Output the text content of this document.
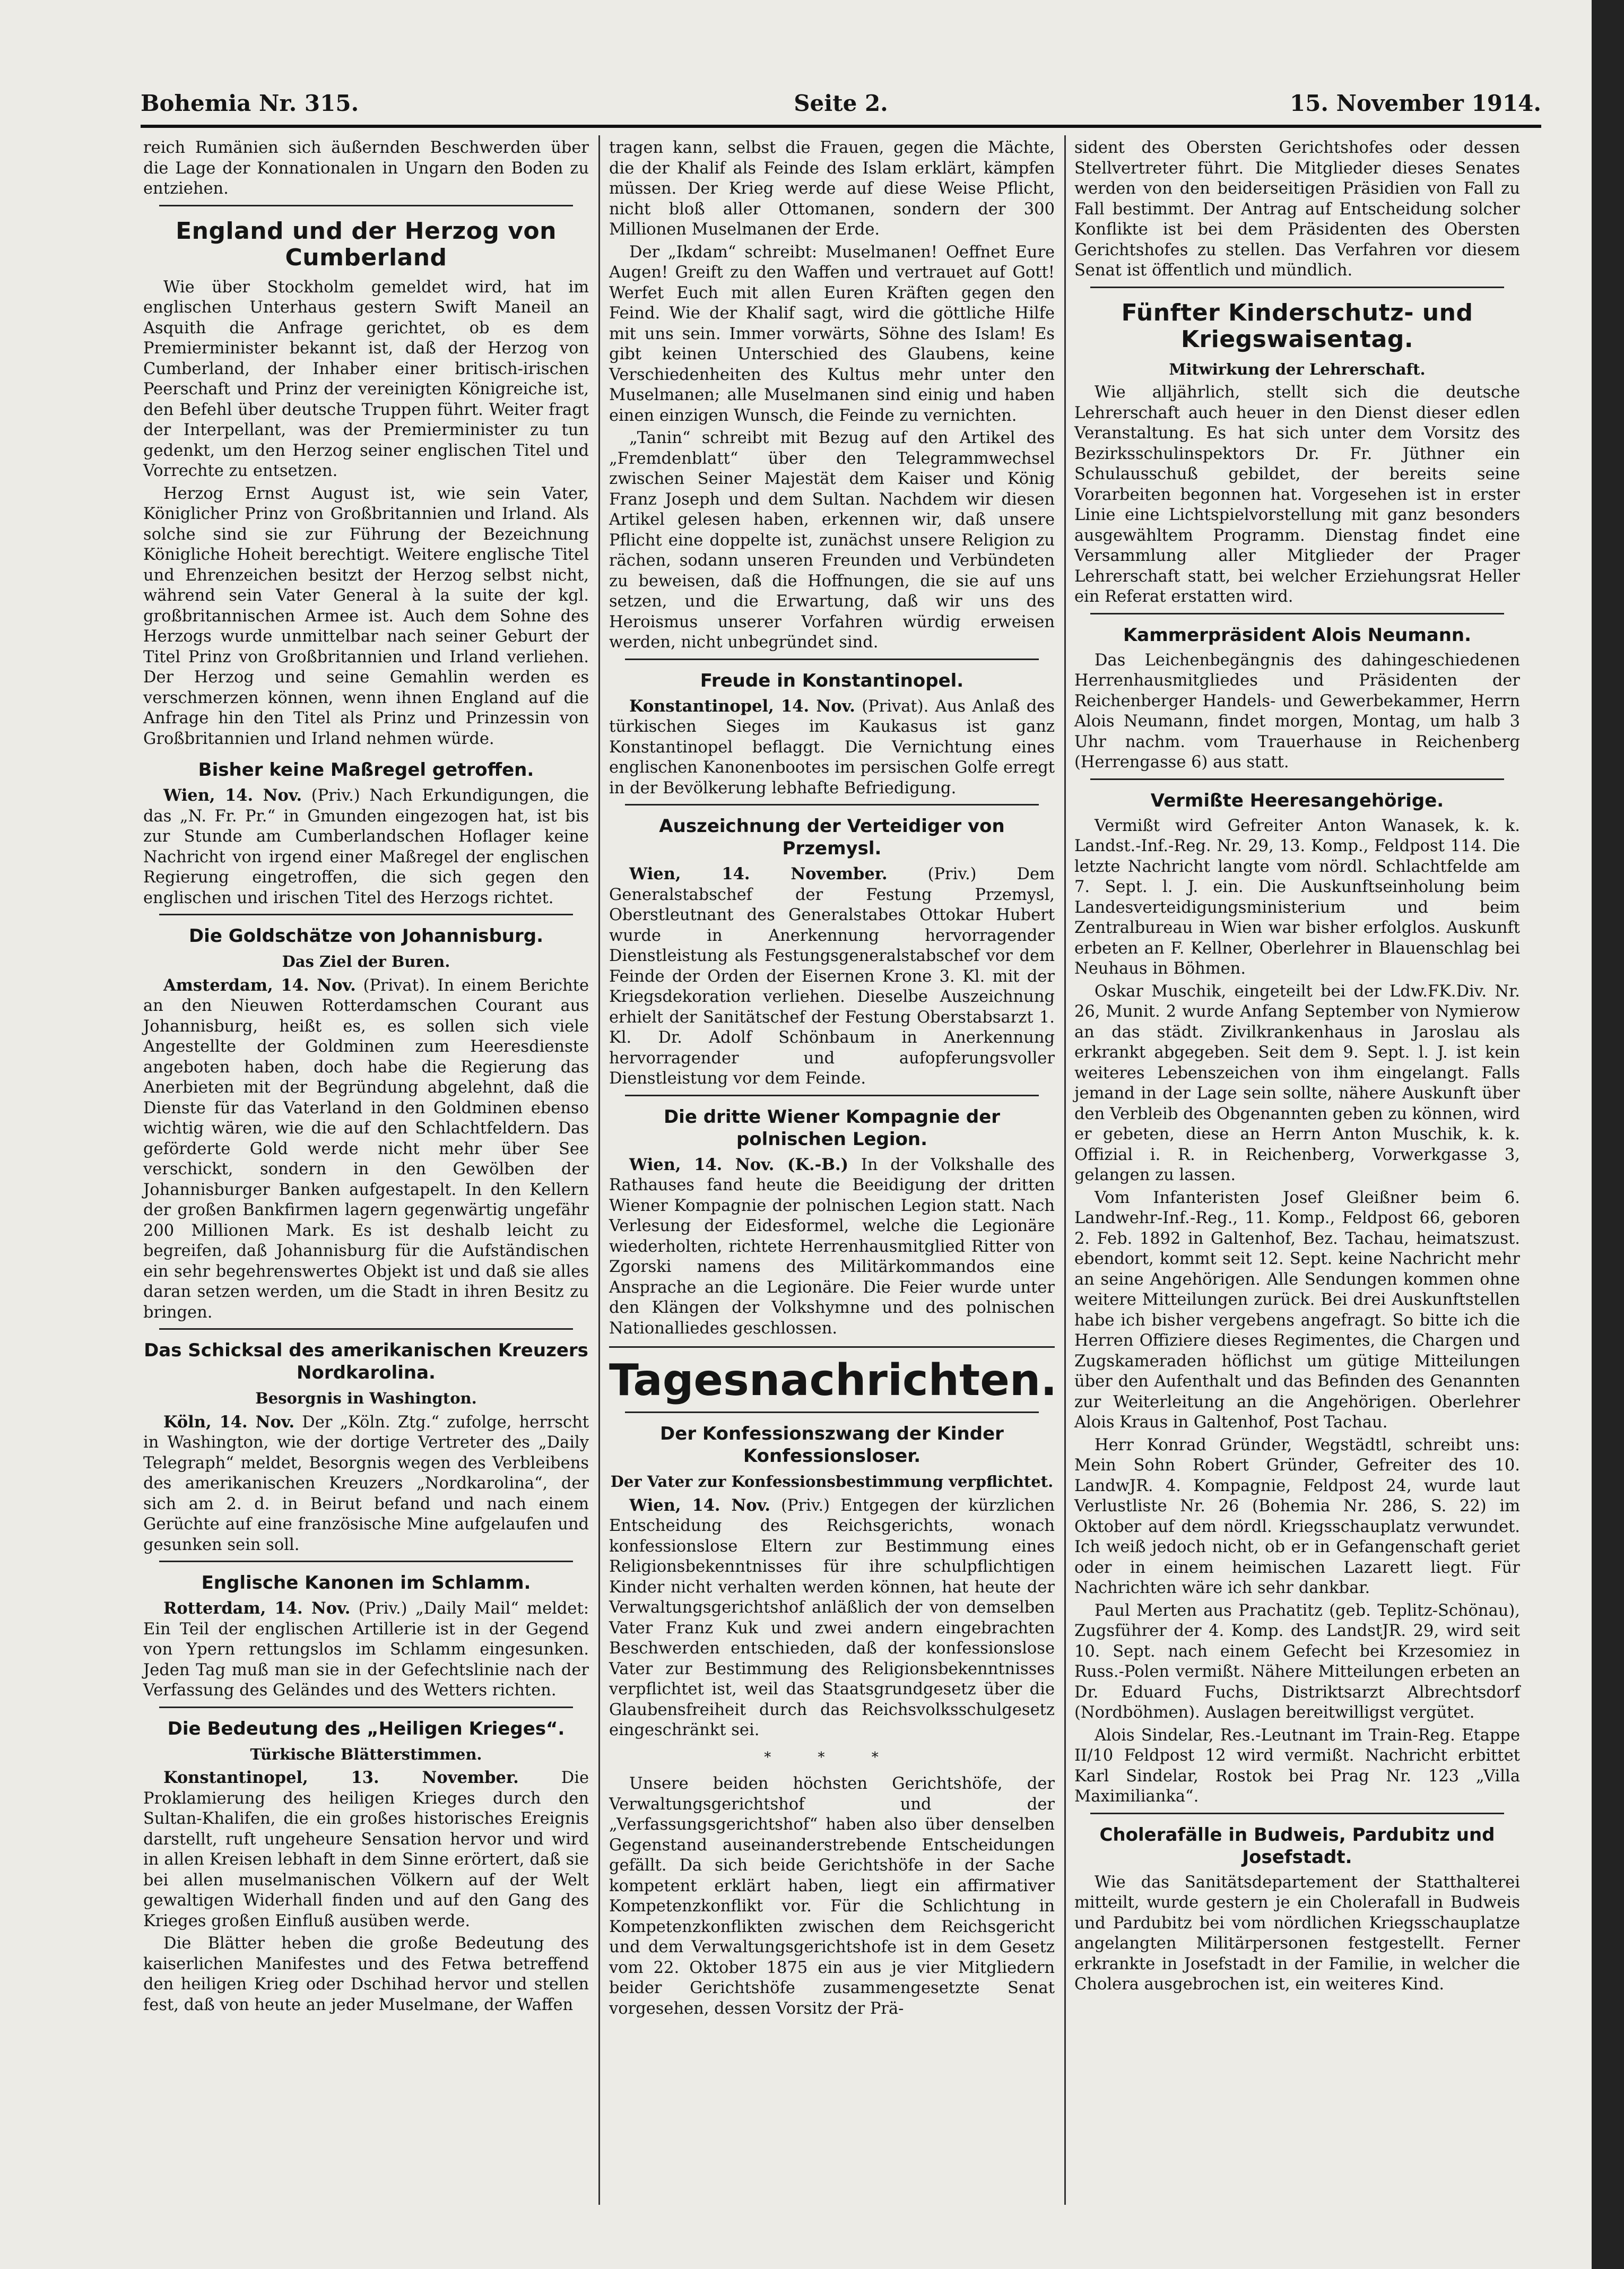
Bohemia Nr. 315.	Seite 2.	15. November 1914.

reich Rumänien sich äußernden Beschwerden über die Lage der Konnationalen in Ungarn den Boden zu entziehen.

England und der Herzog von Cumberland

Wie über Stockholm gemeldet wird, hat im englischen Unterhaus gestern Swift Maneil an Asquith die Anfrage gerichtet, ob es dem Premierminister bekannt ist, daß der Herzog von Cumberland, der Inhaber einer britisch-irischen Peerschaft und Prinz der vereinigten Königreiche ist, den Befehl über deutsche Truppen führt. Weiter fragt der Interpellant, was der Premierminister zu tun gedenkt, um den Herzog seiner englischen Titel und Vorrechte zu entsetzen.

Herzog Ernst August ist, wie sein Vater, Königlicher Prinz von Großbritannien und Irland. Als solche sind sie zur Führung der Bezeichnung Königliche Hoheit berechtigt. Weitere englische Titel und Ehrenzeichen besitzt der Herzog selbst nicht, während sein Vater General à la suite der kgl. großbritannischen Armee ist. Auch dem Sohne des Herzogs wurde unmittelbar nach seiner Geburt der Titel Prinz von Großbritannien und Irland verliehen. Der Herzog und seine Gemahlin werden es verschmerzen können, wenn ihnen England auf die Anfrage hin den Titel als Prinz und Prinzessin von Großbritannien und Irland nehmen würde.

Bisher keine Maßregel getroffen.

Wien, 14. Nov. (Priv.) Nach Erkundigungen, die das „N. Fr. Pr.“ in Gmunden eingezogen hat, ist bis zur Stunde am Cumberlandschen Hoflager keine Nachricht von irgend einer Maßregel der englischen Regierung eingetroffen, die sich gegen den englischen und irischen Titel des Herzogs richtet.

Die Goldschätze von Johannisburg.
Das Ziel der Buren.

Amsterdam, 14. Nov. (Privat). In einem Berichte an den Nieuwen Rotterdamschen Courant aus Johannisburg, heißt es, es sollen sich viele Angestellte der Goldminen zum Heeresdienste angeboten haben, doch habe die Regierung das Anerbieten mit der Begründung abgelehnt, daß die Dienste für das Vaterland in den Goldminen ebenso wichtig wären, wie die auf den Schlachtfeldern. Das geförderte Gold werde nicht mehr über See verschickt, sondern in den Gewölben der Johannisburger Banken aufgestapelt. In den Kellern der großen Bankfirmen lagern gegenwärtig ungefähr 200 Millionen Mark. Es ist deshalb leicht zu begreifen, daß Johannisburg für die Aufständischen ein sehr begehrenswertes Objekt ist und daß sie alles daran setzen werden, um die Stadt in ihren Besitz zu bringen.

Das Schicksal des amerikanischen Kreuzers Nordkarolina.
Besorgnis in Washington.

Köln, 14. Nov. Der „Köln. Ztg.“ zufolge, herrscht in Washington, wie der dortige Vertreter des „Daily Telegraph“ meldet, Besorgnis wegen des Verbleibens des amerikanischen Kreuzers „Nordkarolina“, der sich am 2. d. in Beirut befand und nach einem Gerüchte auf eine französische Mine aufgelaufen und gesunken sein soll.

Englische Kanonen im Schlamm.

Rotterdam, 14. Nov. (Priv.) „Daily Mail“ meldet: Ein Teil der englischen Artillerie ist in der Gegend von Ypern rettungslos im Schlamm eingesunken. Jeden Tag muß man sie in der Gefechtslinie nach der Verfassung des Geländes und des Wetters richten.

Die Bedeutung des „Heiligen Krieges“.
Türkische Blätterstimmen.

Konstantinopel, 13. November.	Die Proklamierung des heiligen Krieges durch den Sultan-Khalifen, die ein großes historisches Ereignis darstellt, ruft ungeheure Sensation hervor und wird in allen Kreisen lebhaft in dem Sinne erörtert, daß sie bei allen muselmanischen Völkern auf der Welt gewaltigen Widerhall finden und auf den Gang des Krieges großen Einfluß ausüben werde.

Die Blätter heben die große Bedeutung des kaiserlichen Manifestes und des Fetwa betreffend den heiligen Krieg oder Dschihad hervor und stellen fest, daß von heute an jeder Muselmane, der Waffen

tragen kann, selbst die Frauen, gegen die Mächte, die der Khalif als Feinde des Islam erklärt, kämpfen müssen. Der Krieg werde auf diese Weise Pflicht, nicht bloß aller Ottomanen, sondern der 300 Millionen Muselmanen der Erde.

Der „Ikdam“ schreibt: Muselmanen! Oeffnet Eure Augen! Greift zu den Waffen und vertrauet auf Gott! Werfet Euch mit allen Euren Kräften gegen den Feind. Wie der Khalif sagt, wird die göttliche Hilfe mit uns sein. Immer vorwärts, Söhne des Islam! Es gibt keinen Unterschied des Glaubens, keine Verschiedenheiten des Kultus mehr unter den Muselmanen; alle Muselmanen sind einig und haben einen einzigen Wunsch, die Feinde zu vernichten.

„Tanin“ schreibt mit Bezug auf den Artikel des „Fremdenblatt“ über den Telegrammwechsel zwischen Seiner Majestät dem Kaiser und König Franz Joseph und dem Sultan. Nachdem wir diesen Artikel gelesen haben, erkennen wir, daß unsere Pflicht eine doppelte ist, zunächst unsere Religion zu rächen, sodann unseren Freunden und Verbündeten zu beweisen, daß die Hoffnungen, die sie auf uns setzen, und die Erwartung, daß wir uns des Heroismus unserer Vorfahren würdig erweisen werden, nicht unbegründet sind.

Freude in Konstantinopel.

Konstantinopel, 14. Nov. (Privat). Aus Anlaß des türkischen Sieges im Kaukasus ist ganz Konstantinopel beflaggt. Die Vernichtung eines englischen Kanonenbootes im persischen Golfe erregt in der Bevölkerung lebhafte Befriedigung.

Auszeichnung der Verteidiger von Przemysl.

Wien, 14. November. (Priv.) Dem Generalstabschef der Festung Przemysl, Oberstleutnant des Generalstabes Ottokar Hubert wurde in Anerkennung hervorragender Dienstleistung als Festungsgeneralstabschef vor dem Feinde der Orden der Eisernen Krone 3. Kl. mit der Kriegsdekoration verliehen. Dieselbe Auszeichnung erhielt der Sanitätschef der Festung Oberstabsarzt 1. Kl. Dr. Adolf Schönbaum in Anerkennung hervorragender und aufopferungsvoller Dienstleistung vor dem Feinde.

Die dritte Wiener Kompagnie der polnischen Legion.

Wien, 14. Nov. (K.-B.) In der Volkshalle des Rathauses fand heute die Beeidigung der dritten Wiener Kompagnie der polnischen Legion statt. Nach Verlesung der Eidesformel, welche die Legionäre wiederholten, richtete Herrenhausmitglied Ritter von Zgorski namens des Militärkommandos eine Ansprache an die Legionäre. Die Feier wurde unter den Klängen der Volkshymne und des polnischen Nationalliedes geschlossen.

Tagesnachrichten.
Der Konfessionszwang der Kinder Konfessionsloser.
Der Vater zur Konfessionsbestimmung verpflichtet.

Wien, 14. Nov. (Priv.) Entgegen der kürzlichen Entscheidung des Reichsgerichts, wonach konfessionslose Eltern zur Bestimmung eines Religionsbekenntnisses für ihre schulpflichtigen Kinder nicht verhalten werden können, hat heute der Verwaltungsgerichtshof anläßlich der von demselben Vater Franz Kuk und zwei andern eingebrachten Beschwerden entschieden, daß der konfessionslose Vater zur Bestimmung des Religionsbekenntnisses verpflichtet ist, weil das Staatsgrundgesetz über die Glaubensfreiheit durch das Reichsvolksschulgesetz eingeschränkt sei.

* * *

Unsere beiden höchsten Gerichtshöfe, der Verwaltungsgerichtshof und der „Verfassungsgerichtshof“ haben also über denselben Gegenstand auseinanderstrebende Entscheidungen gefällt. Da sich beide Gerichtshöfe in der Sache kompetent erklärt haben, liegt ein affirmativer Kompetenzkonflikt vor. Für die Schlichtung in Kompetenzkonflikten zwischen dem Reichsgericht und dem Verwaltungsgerichtshofe ist in dem Gesetz vom 22. Oktober 1875 ein aus je vier Mitgliedern beider Gerichtshöfe zusammengesetzte Senat vorgesehen, dessen Vorsitz der Prä-

sident des Obersten Gerichtshofes oder dessen Stellvertreter führt. Die Mitglieder dieses Senates werden von den beiderseitigen Präsidien von Fall zu Fall bestimmt. Der Antrag auf Entscheidung solcher Konflikte ist bei dem Präsidenten des Obersten Gerichtshofes zu stellen. Das Verfahren vor diesem Senat ist öffentlich und mündlich.

Fünfter Kinderschutz- und Kriegswaisentag.
Mitwirkung der Lehrerschaft.

Wie alljährlich, stellt sich die deutsche Lehrerschaft auch heuer in den Dienst dieser edlen Veranstaltung. Es hat sich unter dem Vorsitz des Bezirksschulinspektors Dr. Fr. Jüthner ein Schulausschuß gebildet, der bereits seine Vorarbeiten begonnen hat. Vorgesehen ist in erster Linie eine Lichtspielvorstellung mit ganz besonders ausgewähltem Programm. Dienstag findet eine Versammlung aller Mitglieder der Prager Lehrerschaft statt, bei welcher Erziehungsrat Heller ein Referat erstatten wird.

Kammerpräsident Alois Neumann.

Das Leichenbegängnis des dahingeschiedenen Herrenhausmitgliedes und Präsidenten der Reichenberger Handels- und Gewerbekammer, Herrn Alois Neumann, findet morgen, Montag, um halb 3 Uhr nachm. vom Trauerhause in Reichenberg (Herrengasse 6) aus statt.

Vermißte Heeresangehörige.

Vermißt wird Gefreiter Anton Wanasek, k. k. Landst.-Inf.-Reg. Nr. 29, 13. Komp., Feldpost 114. Die letzte Nachricht langte vom nördl. Schlachtfelde am 7. Sept. l. J. ein. Die Auskunftseinholung beim Landesverteidigungsministerium und beim Zentralbureau in Wien war bisher erfolglos. Auskunft erbeten an F. Kellner, Oberlehrer in Blauenschlag bei Neuhaus in Böhmen.

Oskar Muschik, eingeteilt bei der Ldw.FK.Div. Nr. 26, Munit. 2 wurde Anfang September von Nymierow an das städt. Zivilkrankenhaus in Jaroslau als erkrankt abgegeben. Seit dem 9. Sept. l. J. ist kein weiteres Lebenszeichen von ihm eingelangt. Falls jemand in der Lage sein sollte, nähere Auskunft über den Verbleib des Obgenannten geben zu können, wird er gebeten, diese an Herrn Anton Muschik, k. k. Offizial i. R. in Reichenberg, Vorwerkgasse 3, gelangen zu lassen.

Vom Infanteristen Josef Gleißner beim 6. Landwehr-Inf.-Reg., 11. Komp., Feldpost 66, geboren 2. Feb. 1892 in Galtenhof, Bez. Tachau, heimatszust. ebendort, kommt seit 12. Sept. keine Nachricht mehr an seine Angehörigen. Alle Sendungen kommen ohne weitere Mitteilungen zurück. Bei drei Auskunftstellen habe ich bisher vergebens angefragt. So bitte ich die Herren Offiziere dieses Regimentes, die Chargen und Zugskameraden höflichst um gütige Mitteilungen über den Aufenthalt und das Befinden des Genannten zur Weiterleitung an die Angehörigen. Oberlehrer Alois Kraus in Galtenhof, Post Tachau.

Herr Konrad Gründer, Wegstädtl, schreibt uns: Mein Sohn Robert Gründer, Gefreiter des 10. LandwJR. 4. Kompagnie, Feldpost 24, wurde laut Verlustliste Nr. 26 (Bohemia Nr. 286, S. 22) im Oktober auf dem nördl. Kriegsschauplatz verwundet. Ich weiß jedoch nicht, ob er in Gefangenschaft geriet oder in einem heimischen Lazarett liegt. Für Nachrichten wäre ich sehr dankbar.

Paul Merten aus Prachatitz (geb. Teplitz-Schönau), Zugsführer der 4. Komp. des LandstJR. 29, wird seit 10. Sept. nach einem Gefecht bei Krzesomiez in Russ.-Polen vermißt. Nähere Mitteilungen erbeten an Dr. Eduard Fuchs, Distriktsarzt Albrechtsdorf (Nordböhmen). Auslagen bereitwilligst vergütet.

Alois Sindelar, Res.-Leutnant im Train-Reg. Etappe II/10 Feldpost 12 wird vermißt. Nachricht erbittet Karl Sindelar, Rostok bei Prag Nr. 123 „Villa Maximilianka“.

Cholerafälle in Budweis, Pardubitz und Josefstadt.

Wie das Sanitätsdepartement der Statthalterei mitteilt, wurde gestern je ein Cholerafall in Budweis und Pardubitz bei vom nördlichen Kriegsschauplatze angelangten Militärpersonen festgestellt. Ferner erkrankte in Josefstadt in der Familie, in welcher die Cholera ausgebrochen ist, ein weiteres Kind.
